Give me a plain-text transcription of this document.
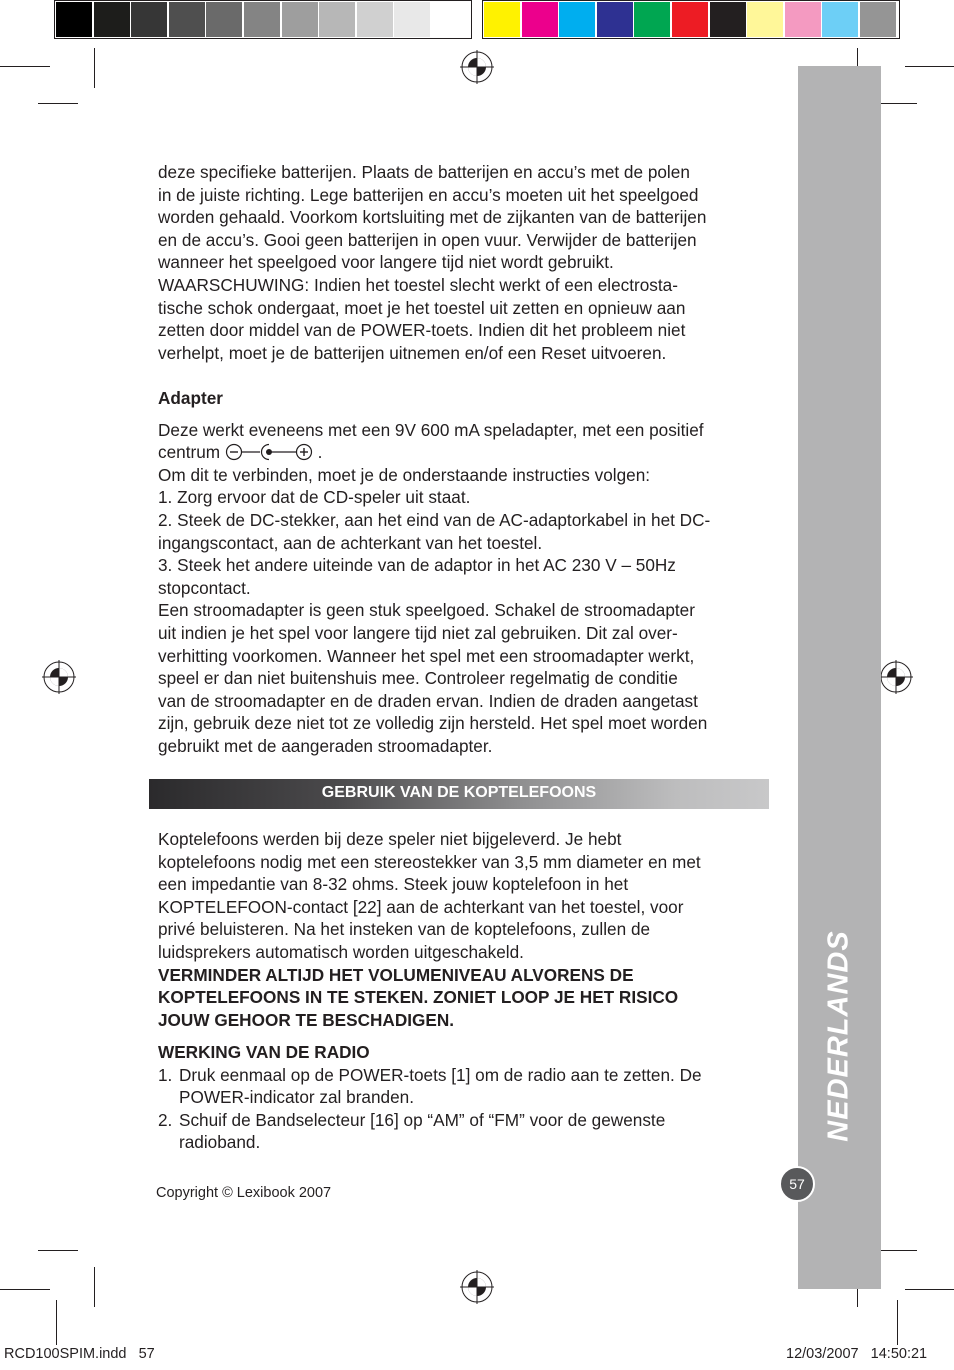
NEDERLANDS
57

deze specifieke batterijen. Plaats de batterijen en accu’s met de polen

in de juiste richting. Lege batterijen en accu’s moeten uit het speelgoed

worden gehaald. Voorkom kortsluiting met de zijkanten van de batterijen

en de accu’s. Gooi geen batterijen in open vuur. Verwijder de batterijen

wanneer het speelgoed voor langere tijd niet wordt gebruikt.

WAARSCHUWING: Indien het toestel slecht werkt of een electrosta-

tische schok ondergaat, moet je het toestel uit zetten en opnieuw aan

zetten door middel van de POWER-toets. Indien dit het probleem niet

verhelpt, moet je de batterijen uitnemen en/of een Reset uitvoeren.

Adapter

Deze werkt eveneens met een 9V 600 mA speladapter, met een positief

centrum	.

Om dit te verbinden, moet je de onderstaande instructies volgen:

1. Zorg ervoor dat de CD-speler uit staat.

2. Steek de DC-stekker, aan het eind van de AC-adaptorkabel in het DC-

ingangscontact, aan de achterkant van het toestel.

3. Steek het andere uiteinde van de adaptor in het AC 230 V – 50Hz

stopcontact.

Een stroomadapter is geen stuk speelgoed. Schakel de stroomadapter

uit indien je het spel voor langere tijd niet zal gebruiken. Dit zal over-

verhitting voorkomen. Wanneer het spel met een stroomadapter werkt,

speel er dan niet buitenshuis mee. Controleer regelmatig de conditie

van de stroomadapter en de draden ervan. Indien de draden aangetast

zijn, gebruik deze niet tot ze volledig zijn hersteld. Het spel moet worden

gebruikt met de aangeraden stroomadapter.

GEBRUIK VAN DE KOPTELEFOONS

Koptelefoons werden bij deze speler niet bijgeleverd. Je hebt

koptelefoons nodig met een stereostekker van 3,5 mm diameter en met

een impedantie van 8-32 ohms. Steek jouw koptelefoon in het

KOPTELEFOON-contact [22] aan de achterkant van het toestel, voor

privé beluisteren. Na het insteken van de koptelefoons, zullen de

luidsprekers automatisch worden uitgeschakeld.

VERMINDER ALTIJD HET VOLUMENIVEAU ALVORENS DE

KOPTELEFOONS IN TE STEKEN. ZONIET LOOP JE HET RISICO

JOUW GEHOOR TE BESCHADIGEN.

WERKING VAN DE RADIO

1. Druk eenmaal op de POWER-toets [1] om de radio aan te zetten. De

POWER-indicator zal branden.

2. Schuif de Bandselecteur [16] op “AM” of “FM” voor de gewenste

radioband.

Copyright © Lexibook 2007
RCD100SPIM.indd   57	12/03/2007   14:50:21
